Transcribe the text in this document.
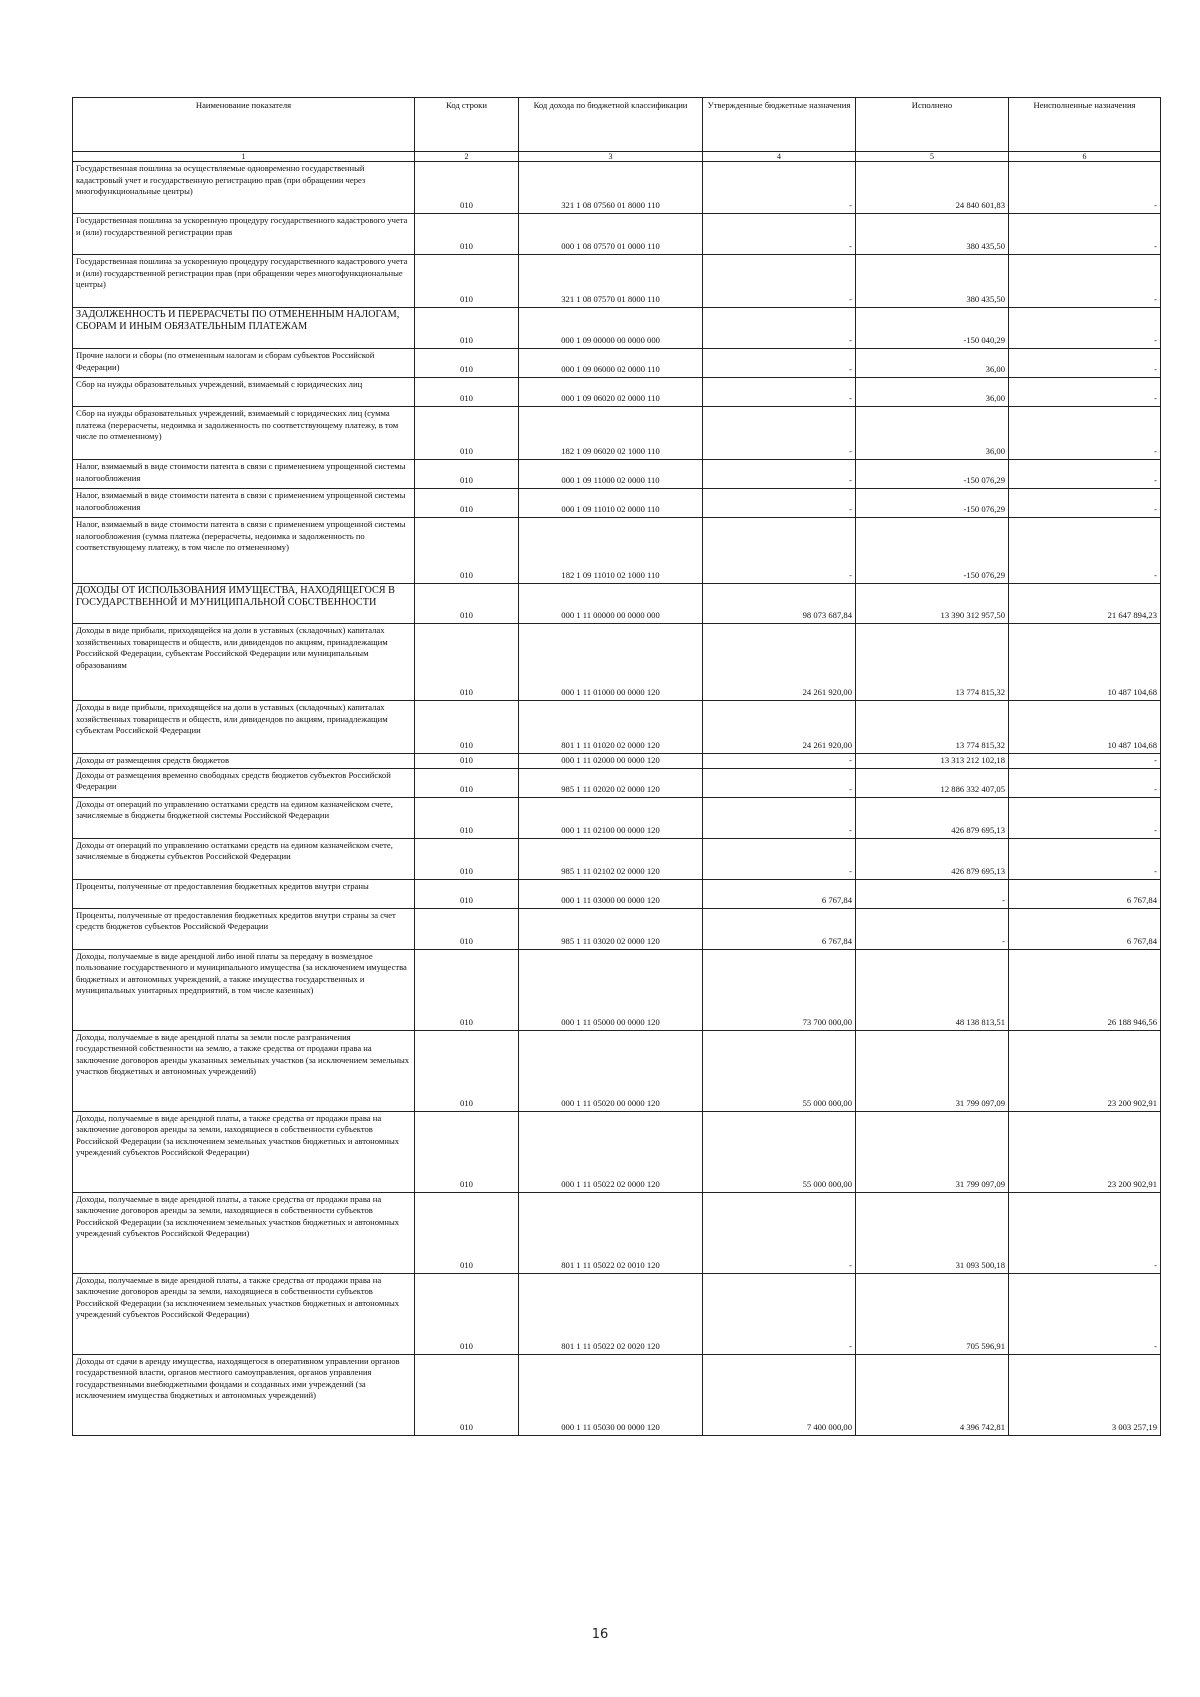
Наименование показателя	Код строки	Код дохода по бюджетной классификации	Утвержденные бюджетные назначения	Исполнено	Неисполненные назначения
1	2	3	4	5	6
Государственная пошлина за осуществляемые одновременно государственный кадастровый учет и государственную регистрацию прав (при обращении через многофункциональные центры)	010	321 1 08 07560 01 8000 110	-	24 840 601,83	-
Государственная пошлина за ускоренную процедуру государственного кадастрового учета и (или) государственной регистрации прав	010	000 1 08 07570 01 0000 110	-	380 435,50	-
Государственная пошлина за ускоренную процедуру государственного кадастрового учета и (или) государственной регистрации прав (при обращении через многофункциональные центры)	010	321 1 08 07570 01 8000 110	-	380 435,50	-
ЗАДОЛЖЕННОСТЬ И ПЕРЕРАСЧЕТЫ ПО ОТМЕНЕННЫМ НАЛОГАМ, СБОРАМ И ИНЫМ ОБЯЗАТЕЛЬНЫМ ПЛАТЕЖАМ	010	000 1 09 00000 00 0000 000	-	-150 040,29	-
Прочие налоги и сборы (по отмененным налогам и сборам субъектов Российской Федерации)	010	000 1 09 06000 02 0000 110	-	36,00	-
Сбор на нужды образовательных учреждений, взимаемый с юридических лиц	010	000 1 09 06020 02 0000 110	-	36,00	-
Сбор на нужды образовательных учреждений, взимаемый с юридических лиц (сумма платежа (перерасчеты, недоимка и задолженность по соответствующему платежу, в том числе по отмененному)	010	182 1 09 06020 02 1000 110	-	36,00	-
Налог, взимаемый в виде стоимости патента в связи с применением упрощенной системы налогообложения	010	000 1 09 11000 02 0000 110	-	-150 076,29	-
Налог, взимаемый в виде стоимости патента в связи с применением упрощенной системы налогообложения	010	000 1 09 11010 02 0000 110	-	-150 076,29	-
Налог, взимаемый в виде стоимости патента в связи с применением упрощенной системы налогообложения (сумма платежа (перерасчеты, недоимка и задолженность по соответствующему платежу, в том числе по отмененному)	010	182 1 09 11010 02 1000 110	-	-150 076,29	-
ДОХОДЫ ОТ ИСПОЛЬЗОВАНИЯ ИМУЩЕСТВА, НАХОДЯЩЕГОСЯ В ГОСУДАРСТВЕННОЙ И МУНИЦИПАЛЬНОЙ СОБСТВЕННОСТИ	010	000 1 11 00000 00 0000 000	98 073 687,84	13 390 312 957,50	21 647 894,23
Доходы в виде прибыли, приходящейся на доли в уставных (складочных) капиталах хозяйственных товариществ и обществ, или дивидендов по акциям, принадлежащим Российской Федерации, субъектам Российской Федерации или муниципальным образованиям	010	000 1 11 01000 00 0000 120	24 261 920,00	13 774 815,32	10 487 104,68
Доходы в виде прибыли, приходящейся на доли в уставных (складочных) капиталах хозяйственных товариществ и обществ, или дивидендов по акциям, принадлежащим субъектам Российской Федерации	010	801 1 11 01020 02 0000 120	24 261 920,00	13 774 815,32	10 487 104,68
Доходы от размещения средств бюджетов	010	000 1 11 02000 00 0000 120	-	13 313 212 102,18	-
Доходы от размещения временно свободных средств бюджетов субъектов Российской Федерации	010	985 1 11 02020 02 0000 120	-	12 886 332 407,05	-
Доходы от операций по управлению остатками средств на едином казначейском счете, зачисляемые в бюджеты бюджетной системы Российской Федерации	010	000 1 11 02100 00 0000 120	-	426 879 695,13	-
Доходы от операций по управлению остатками средств на едином казначейском счете, зачисляемые в бюджеты субъектов Российской Федерации	010	985 1 11 02102 02 0000 120	-	426 879 695,13	-
Проценты, полученные от предоставления бюджетных кредитов внутри страны	010	000 1 11 03000 00 0000 120	6 767,84	-	6 767,84
Проценты, полученные от предоставления бюджетных кредитов внутри страны за счет средств бюджетов субъектов Российской Федерации	010	985 1 11 03020 02 0000 120	6 767,84	-	6 767,84
Доходы, получаемые в виде арендной либо иной платы за передачу в возмездное пользование государственного и муниципального имущества (за исключением имущества бюджетных и автономных учреждений, а также имущества государственных и муниципальных унитарных предприятий, в том числе казенных)	010	000 1 11 05000 00 0000 120	73 700 000,00	48 138 813,51	26 188 946,56
Доходы, получаемые в виде арендной платы за земли после разграничения государственной собственности на землю, а также средства от продажи права на заключение договоров аренды указанных земельных участков (за исключением земельных участков бюджетных и автономных учреждений)	010	000 1 11 05020 00 0000 120	55 000 000,00	31 799 097,09	23 200 902,91
Доходы, получаемые в виде арендной платы, а также средства от продажи права на заключение договоров аренды за земли, находящиеся в собственности субъектов Российской Федерации (за исключением земельных участков бюджетных и автономных учреждений субъектов Российской Федерации)	010	000 1 11 05022 02 0000 120	55 000 000,00	31 799 097,09	23 200 902,91
Доходы, получаемые в виде арендной платы, а также средства от продажи права на заключение договоров аренды за земли, находящиеся в собственности субъектов Российской Федерации (за исключением земельных участков бюджетных и автономных учреждений субъектов Российской Федерации)	010	801 1 11 05022 02 0010 120	-	31 093 500,18	-
Доходы, получаемые в виде арендной платы, а также средства от продажи права на заключение договоров аренды за земли, находящиеся в собственности субъектов Российской Федерации (за исключением земельных участков бюджетных и автономных учреждений субъектов Российской Федерации)	010	801 1 11 05022 02 0020 120	-	705 596,91	-
Доходы от сдачи в аренду имущества, находящегося в оперативном управлении органов государственной власти, органов местного самоуправления, органов управления государственными внебюджетными фондами и созданных ими учреждений (за исключением имущества бюджетных и автономных учреждений)	010	000 1 11 05030 00 0000 120	7 400 000,00	4 396 742,81	3 003 257,19
16
